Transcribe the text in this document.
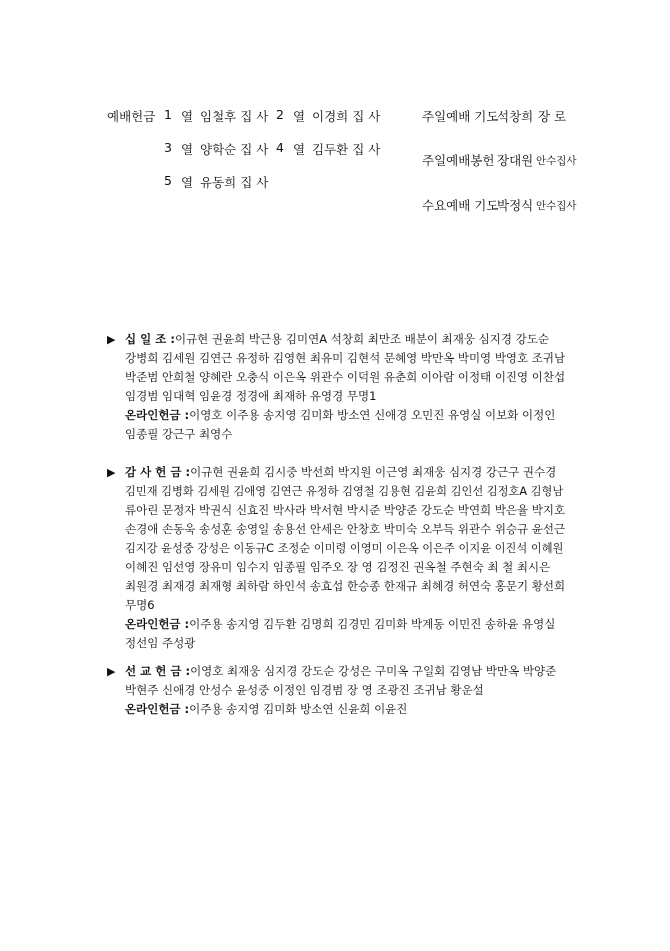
예배헌금 1 열 임철후 집 사 2 열 이경희 집 사
3 열 양학순 집 사 4 열 김두환 집 사
5 열 유동희 집 사
주일예배 기도
석창희 장 로
주일예배봉헌 장대원 안수집사
수요예배 기도
박정식 안수집사
▶ 십 일 조 :이규현 권윤희 박근용 김미연A 석창희 최만조 배분이 최재웅 심지경 강도순
강병희 김세원 김연근 유정하 김영현 최유미 김현석 문혜영 박만옥 박미영 박영호 조귀남
박준범 안희철 양혜란 오충식 이은옥 위관수 이덕원 유춘희 이아람 이정태 이진영 이찬섭
임경범 임대혁 임윤경 정경애 최재하 유영경 무명1
온라인헌금 :이영호 이주용 송지영 김미화 방소연 신애경 오민진 유영실 이보화 이정인
임종필 강근구 최영수
▶ 감 사 헌 금 :이규현 권윤희 김시중 박선희 박지원 이근영 최재웅 심지경 강근구 권수경
김민재 김병화 김세원 김애영 김연근 유정하 김영철 김용현 김윤희 김인선 김정호A 김형남
류아린 문정자 박권식 신효진 박사라 박서현 박시준 박양준 강도순 박연희 박은율 박지호
손경애 손동욱 송성훈 송영일 송용선 안세은 안창호 박미숙 오부득 위관수 위승규 윤선근
김지강 윤성중 강성은 이동규C 조정순 이미령 이영미 이은옥 이은주 이지윤 이진석 이혜원
이혜진 임선영 장유미 임수지 임종필 임주오 장 영 김정진 권옥철 주현숙 최 철 최시은
최원경 최재경 최재형 최하람 하인석 송효섭 한승종 한재규 최혜경 허연숙 홍문기 황선희
무명6
온라인헌금 :이주용 송지영 김두환 김명희 김경민 김미화 박계동 이민진 송하윤 유영실
정선임 주성광
▶ 선 교 헌 금 :이영호 최재웅 심지경 강도순 강성은 구미옥 구일회 김영남 박만옥 박양준
박현주 신애경 안성수 윤성중 이정인 임경범 장 영 조광진 조귀남 황운설
온라인헌금 :이주용 송지영 김미화 방소연 신윤희 이윤진
